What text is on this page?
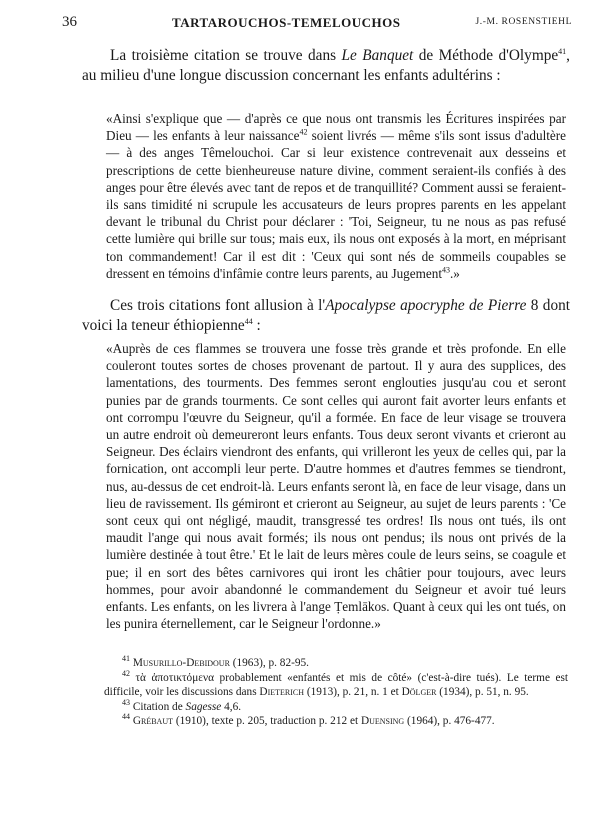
36	TARTAROUCHOS-TEMELOUCHOS	J.-M. ROSENSTIEHL
La troisième citation se trouve dans Le Banquet de Méthode d'Olympe$^{41}$, au milieu d'une longue discussion concernant les enfants adultérins :
«Ainsi s'explique que — d'après ce que nous ont transmis les Écritures inspirées par Dieu — les enfants à leur naissance$^{42}$ soient livrés — même s'ils sont issus d'adultère — à des anges Têmelouchoi. Car si leur existence contrevenait aux desseins et prescriptions de cette bienheureuse nature divine, comment seraient-ils confiés à des anges pour être élevés avec tant de repos et de tranquillité? Comment aussi se feraient-ils sans timidité ni scrupule les accusateurs de leurs propres parents en les appelant devant le tribunal du Christ pour déclarer : 'Toi, Seigneur, tu ne nous as pas refusé cette lumière qui brille sur tous; mais eux, ils nous ont exposés à la mort, en méprisant ton commandement! Car il est dit : 'Ceux qui sont nés de sommeils coupables se dressent en témoins d'infâmie contre leurs parents, au Jugement$^{43}$.»
Ces trois citations font allusion à l'Apocalypse apocryphe de Pierre 8 dont voici la teneur éthiopienne$^{44}$ :
«Auprès de ces flammes se trouvera une fosse très grande et très profonde. En elle couleront toutes sortes de choses provenant de partout. Il y aura des supplices, des lamentations, des tourments. Des femmes seront englouties jusqu'au cou et seront punies par de grands tourments. Ce sont celles qui auront fait avorter leurs enfants et ont corrompu l'œuvre du Seigneur, qu'il a formée. En face de leur visage se trouvera un autre endroit où demeureront leurs enfants. Tous deux seront vivants et crieront au Seigneur. Des éclairs viendront des enfants, qui vrilleront les yeux de celles qui, par la fornication, ont accompli leur perte. D'autre hommes et d'autres femmes se tiendront, nus, au-dessus de cet endroit-là. Leurs enfants seront là, en face de leur visage, dans un lieu de ravissement. Ils gémiront et crieront au Seigneur, au sujet de leurs parents : 'Ce sont ceux qui ont négligé, maudit, transgressé tes ordres! Ils nous ont tués, ils ont maudit l'ange qui nous avait formés; ils nous ont pendus; ils nous ont privés de la lumière destinée à tout être.' Et le lait de leurs mères coule de leurs seins, se coagule et pue; il en sort des bêtes carnivores qui iront les châtier pour toujours, avec leurs hommes, pour avoir abandonné le commandement du Seigneur et avoir tué leurs enfants. Les enfants, on les livrera à l'ange Ṭemlākos. Quant à ceux qui les ont tués, on les punira éternellement, car le Seigneur l'ordonne.»
$^{41}$ Musurillo-Debidour (1963), p. 82-95.
$^{42}$ τὰ ἀποτικτόμενα probablement «enfantés et mis de côté» (c'est-à-dire tués). Le terme est difficile, voir les discussions dans Dieterich (1913), p. 21, n. 1 et Dölger (1934), p. 51, n. 95.
$^{43}$ Citation de Sagesse 4,6.
$^{44}$ Grébaut (1910), texte p. 205, traduction p. 212 et Duensing (1964), p. 476-477.
